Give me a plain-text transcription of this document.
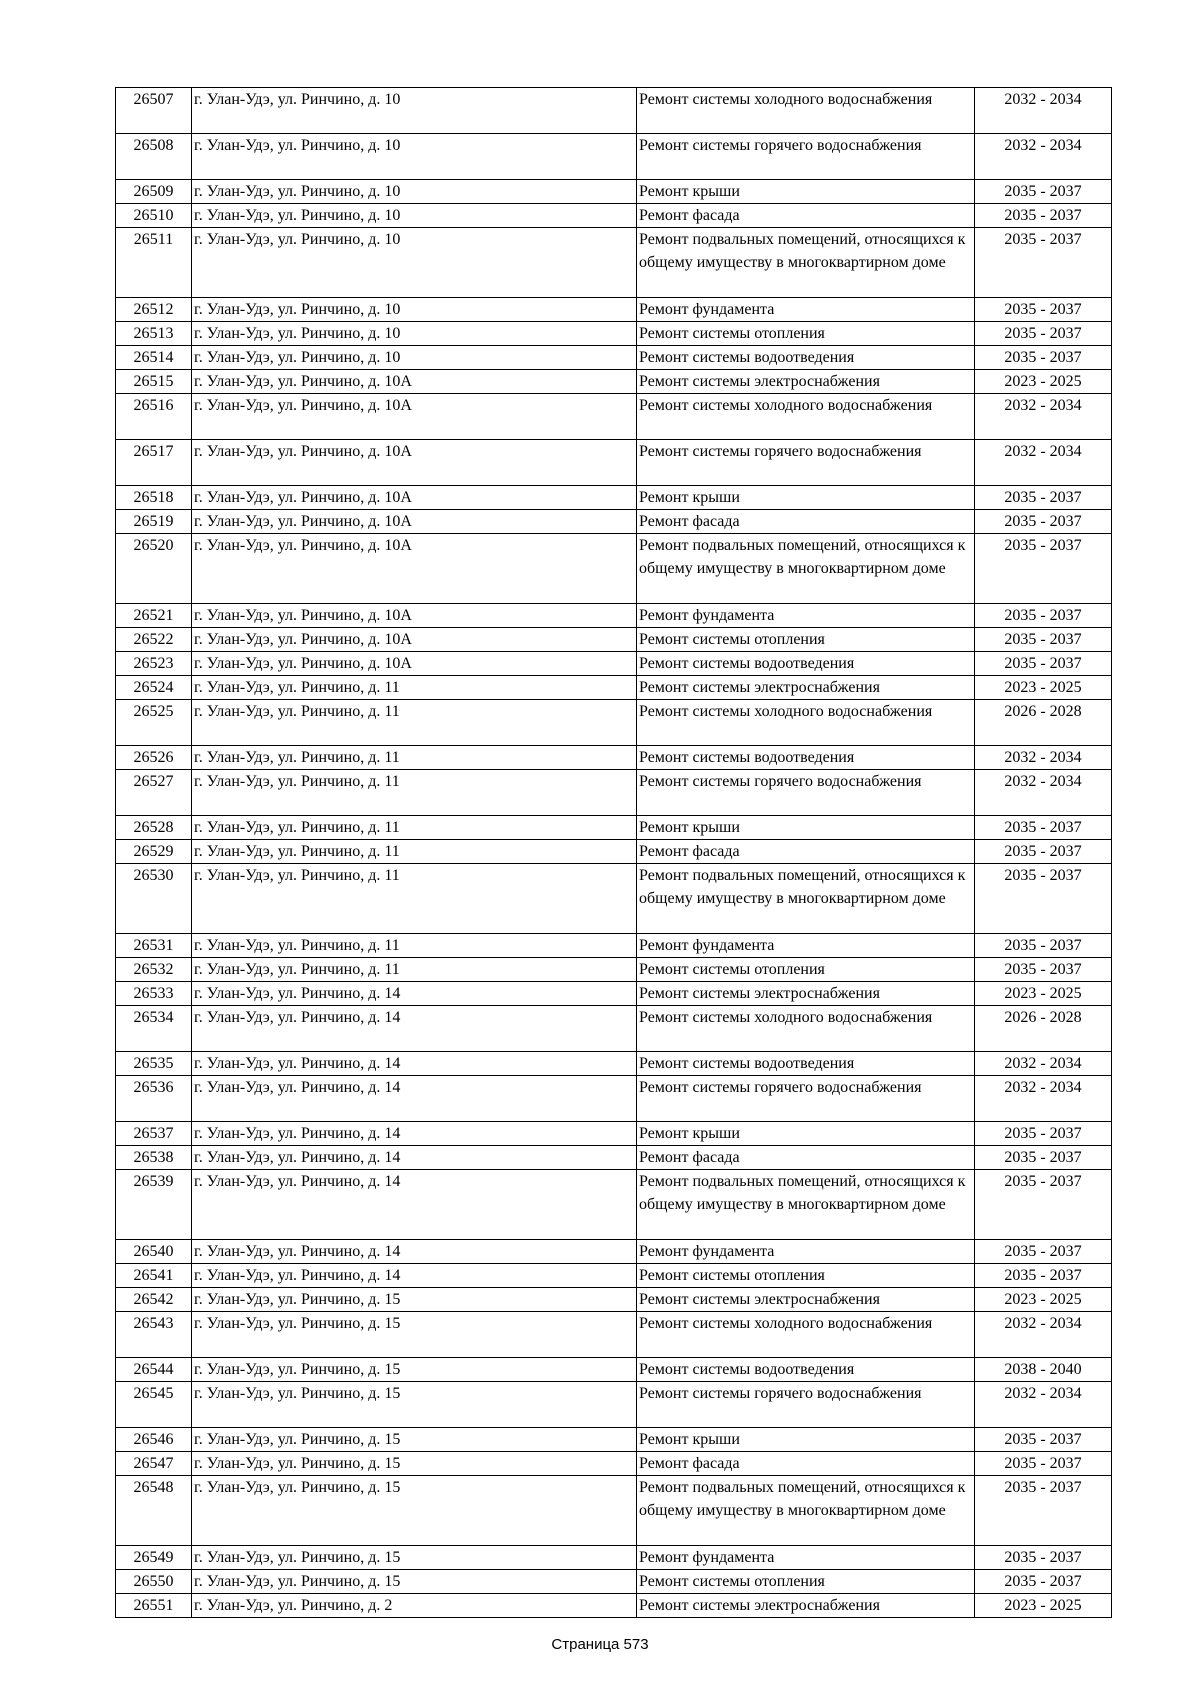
26507	г. Улан-Удэ, ул. Ринчино, д. 10	Ремонт системы холодного водоснабжения	2032 - 2034
26508	г. Улан-Удэ, ул. Ринчино, д. 10	Ремонт системы горячего водоснабжения	2032 - 2034
26509	г. Улан-Удэ, ул. Ринчино, д. 10	Ремонт крыши	2035 - 2037
26510	г. Улан-Удэ, ул. Ринчино, д. 10	Ремонт фасада	2035 - 2037
26511	г. Улан-Удэ, ул. Ринчино, д. 10	Ремонт подвальных помещений, относящихся к общему имуществу в многоквартирном доме	2035 - 2037
26512	г. Улан-Удэ, ул. Ринчино, д. 10	Ремонт фундамента	2035 - 2037
26513	г. Улан-Удэ, ул. Ринчино, д. 10	Ремонт системы отопления	2035 - 2037
26514	г. Улан-Удэ, ул. Ринчино, д. 10	Ремонт системы водоотведения	2035 - 2037
26515	г. Улан-Удэ, ул. Ринчино, д. 10А	Ремонт системы электроснабжения	2023 - 2025
26516	г. Улан-Удэ, ул. Ринчино, д. 10А	Ремонт системы холодного водоснабжения	2032 - 2034
26517	г. Улан-Удэ, ул. Ринчино, д. 10А	Ремонт системы горячего водоснабжения	2032 - 2034
26518	г. Улан-Удэ, ул. Ринчино, д. 10А	Ремонт крыши	2035 - 2037
26519	г. Улан-Удэ, ул. Ринчино, д. 10А	Ремонт фасада	2035 - 2037
26520	г. Улан-Удэ, ул. Ринчино, д. 10А	Ремонт подвальных помещений, относящихся к общему имуществу в многоквартирном доме	2035 - 2037
26521	г. Улан-Удэ, ул. Ринчино, д. 10А	Ремонт фундамента	2035 - 2037
26522	г. Улан-Удэ, ул. Ринчино, д. 10А	Ремонт системы отопления	2035 - 2037
26523	г. Улан-Удэ, ул. Ринчино, д. 10А	Ремонт системы водоотведения	2035 - 2037
26524	г. Улан-Удэ, ул. Ринчино, д. 11	Ремонт системы электроснабжения	2023 - 2025
26525	г. Улан-Удэ, ул. Ринчино, д. 11	Ремонт системы холодного водоснабжения	2026 - 2028
26526	г. Улан-Удэ, ул. Ринчино, д. 11	Ремонт системы водоотведения	2032 - 2034
26527	г. Улан-Удэ, ул. Ринчино, д. 11	Ремонт системы горячего водоснабжения	2032 - 2034
26528	г. Улан-Удэ, ул. Ринчино, д. 11	Ремонт крыши	2035 - 2037
26529	г. Улан-Удэ, ул. Ринчино, д. 11	Ремонт фасада	2035 - 2037
26530	г. Улан-Удэ, ул. Ринчино, д. 11	Ремонт подвальных помещений, относящихся к общему имуществу в многоквартирном доме	2035 - 2037
26531	г. Улан-Удэ, ул. Ринчино, д. 11	Ремонт фундамента	2035 - 2037
26532	г. Улан-Удэ, ул. Ринчино, д. 11	Ремонт системы отопления	2035 - 2037
26533	г. Улан-Удэ, ул. Ринчино, д. 14	Ремонт системы электроснабжения	2023 - 2025
26534	г. Улан-Удэ, ул. Ринчино, д. 14	Ремонт системы холодного водоснабжения	2026 - 2028
26535	г. Улан-Удэ, ул. Ринчино, д. 14	Ремонт системы водоотведения	2032 - 2034
26536	г. Улан-Удэ, ул. Ринчино, д. 14	Ремонт системы горячего водоснабжения	2032 - 2034
26537	г. Улан-Удэ, ул. Ринчино, д. 14	Ремонт крыши	2035 - 2037
26538	г. Улан-Удэ, ул. Ринчино, д. 14	Ремонт фасада	2035 - 2037
26539	г. Улан-Удэ, ул. Ринчино, д. 14	Ремонт подвальных помещений, относящихся к общему имуществу в многоквартирном доме	2035 - 2037
26540	г. Улан-Удэ, ул. Ринчино, д. 14	Ремонт фундамента	2035 - 2037
26541	г. Улан-Удэ, ул. Ринчино, д. 14	Ремонт системы отопления	2035 - 2037
26542	г. Улан-Удэ, ул. Ринчино, д. 15	Ремонт системы электроснабжения	2023 - 2025
26543	г. Улан-Удэ, ул. Ринчино, д. 15	Ремонт системы холодного водоснабжения	2032 - 2034
26544	г. Улан-Удэ, ул. Ринчино, д. 15	Ремонт системы водоотведения	2038 - 2040
26545	г. Улан-Удэ, ул. Ринчино, д. 15	Ремонт системы горячего водоснабжения	2032 - 2034
26546	г. Улан-Удэ, ул. Ринчино, д. 15	Ремонт крыши	2035 - 2037
26547	г. Улан-Удэ, ул. Ринчино, д. 15	Ремонт фасада	2035 - 2037
26548	г. Улан-Удэ, ул. Ринчино, д. 15	Ремонт подвальных помещений, относящихся к общему имуществу в многоквартирном доме	2035 - 2037
26549	г. Улан-Удэ, ул. Ринчино, д. 15	Ремонт фундамента	2035 - 2037
26550	г. Улан-Удэ, ул. Ринчино, д. 15	Ремонт системы отопления	2035 - 2037
26551	г. Улан-Удэ, ул. Ринчино, д. 2	Ремонт системы электроснабжения	2023 - 2025
Страница 573
